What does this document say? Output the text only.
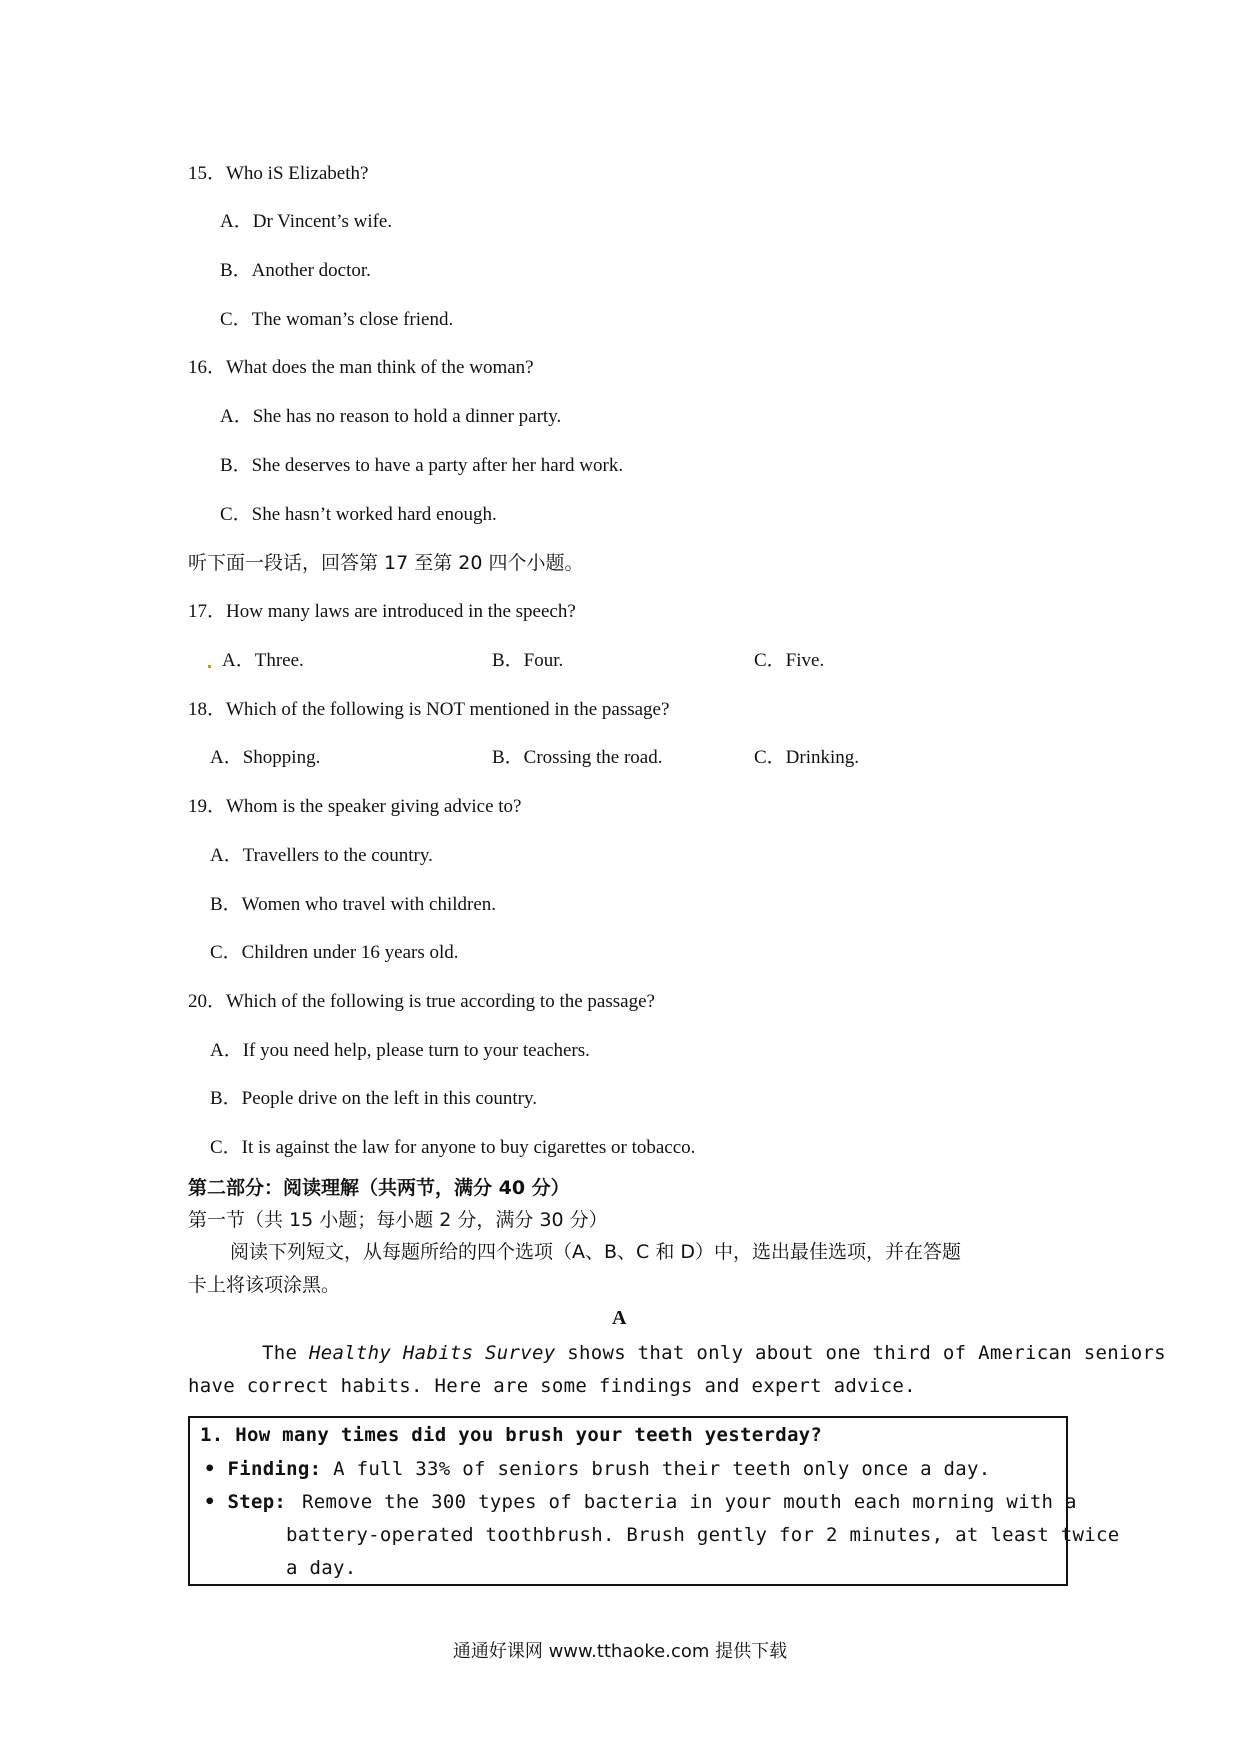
15．Who iS Elizabeth?
A．Dr Vincent’s wife.
B．Another doctor.
C．The woman’s close friend.
16．What does the man think of the woman?
A．She has no reason to hold a dinner party.
B．She deserves to have a party after her hard work.
C．She hasn’t worked hard enough.
听下面一段话，回答第 17 至第 20 四个小题。
17．How many laws are introduced in the speech?
A．Three.	B．Four.	C．Five.
18．Which of the following is NOT mentioned in the passage?
A．Shopping.	B．Crossing the road.	C．Drinking.
19．Whom is the speaker giving advice to?
A．Travellers to the country.
B．Women who travel with children.
C．Children under 16 years old.
20．Which of the following is true according to the passage?
A．If you need help, please turn to your teachers.
B．People drive on the left in this country.
C．It is against the law for anyone to buy cigarettes or tobacco.
第二部分：阅读理解（共两节，满分 40 分）
第一节（共 15 小题；每小题 2 分，满分 30 分）
阅读下列短文，从每题所给的四个选项（A、B、C 和 D）中，选出最佳选项，并在答题
卡上将该项涂黑。
A
The Healthy Habits Survey shows that only about one third of American seniors
have correct habits. Here are some findings and expert advice.
1. How many times did you brush your teeth yesterday?
• Finding: A full 33% of seniors brush their teeth only once a day.
• Step: Remove the 300 types of bacteria in your mouth each morning with a
battery-operated toothbrush. Brush gently for 2 minutes, at least twice
a day.
通通好课网 www.tthaoke.com 提供下载
